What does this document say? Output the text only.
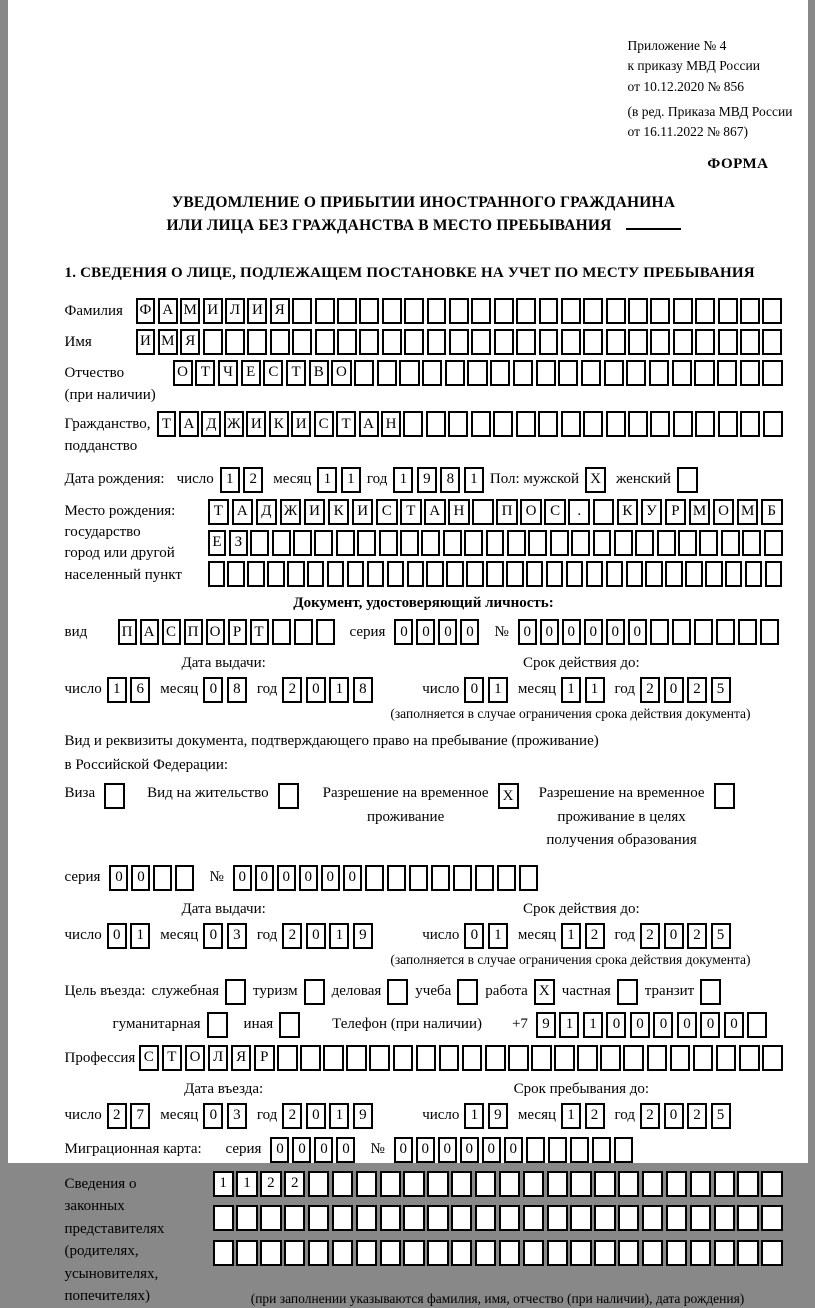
Приложение № 4
к приказу МВД России
от 10.12.2020 № 856
(в ред. Приказа МВД России
от 16.11.2022 № 867)
ФОРМА
УВЕДОМЛЕНИЕ О ПРИБЫТИИ ИНОСТРАННОГО ГРАЖДАНИНА
ИЛИ ЛИЦА БЕЗ ГРАЖДАНСТВА В МЕСТО ПРЕБЫВАНИЯ
1. СВЕДЕНИЯ О ЛИЦЕ, ПОДЛЕЖАЩЕМ ПОСТАНОВКЕ НА УЧЕТ ПО МЕСТУ ПРЕБЫВАНИЯ
Фамилия	Ф А М И Л И Я
Имя	И М Я
Отчество
(при наличии)
О Т Ч Е С Т В О
Гражданство,
подданство
Т А Д Ж И К И С Т А Н
Дата рождения: число 1	2	месяц 1	1 год 1	9	8	1 Пол: мужской X	женский
Место рождения:
государство
город или другой
населенный пункт
Т А Д Ж И К И С Т А Н	П О С	.	К У Р М О М Б
Е З
Документ, удостоверяющий личность:
вид	П А С П О Р Т	серия 0 0 0 0	№ 0 0 0 0 0 0
Дата выдачи:
число 1	6	месяц 0	8	год 2	0	1	8
Срок действия до:
число 0	1	месяц 1	1	год 2	0	2	5
(заполняется в случае ограничения срока действия документа)
Вид и реквизиты документа, подтверждающего право на пребывание (проживание)
в Российской Федерации:
Виза	Вид на жительство	Разрешение на временное
проживание
X	Разрешение на временное
проживание в целях
получения образования
серия 0 0	№ 0 0 0 0 0 0
Дата выдачи:
число 0	1	месяц 0	3	год 2	0	1	9
Срок действия до:
число 0	1	месяц 1	2	год 2	0	2	5
(заполняется в случае ограничения срока действия документа)
Цель въезда: служебная туризм деловая учеба работа X частная транзит
гуманитарная	иная	Телефон (при наличии) +7 9	1	1	0	0	0	0	0	0
Профессия С Т О Л Я Р
Дата въезда:
число 2	7	месяц 0	3	год 2	0	1	9
Срок пребывания до:
число 1	9	месяц 1	2	год 2	0	2	5
Миграционная карта:	серия 0 0 0 0	№ 0 0 0 0 0 0
Сведения о
законных
представителях
(родителях,
усыновителях,
попечителях)
1	1	2	2
(при заполнении указываются фамилия, имя, отчество (при наличии), дата рождения)
